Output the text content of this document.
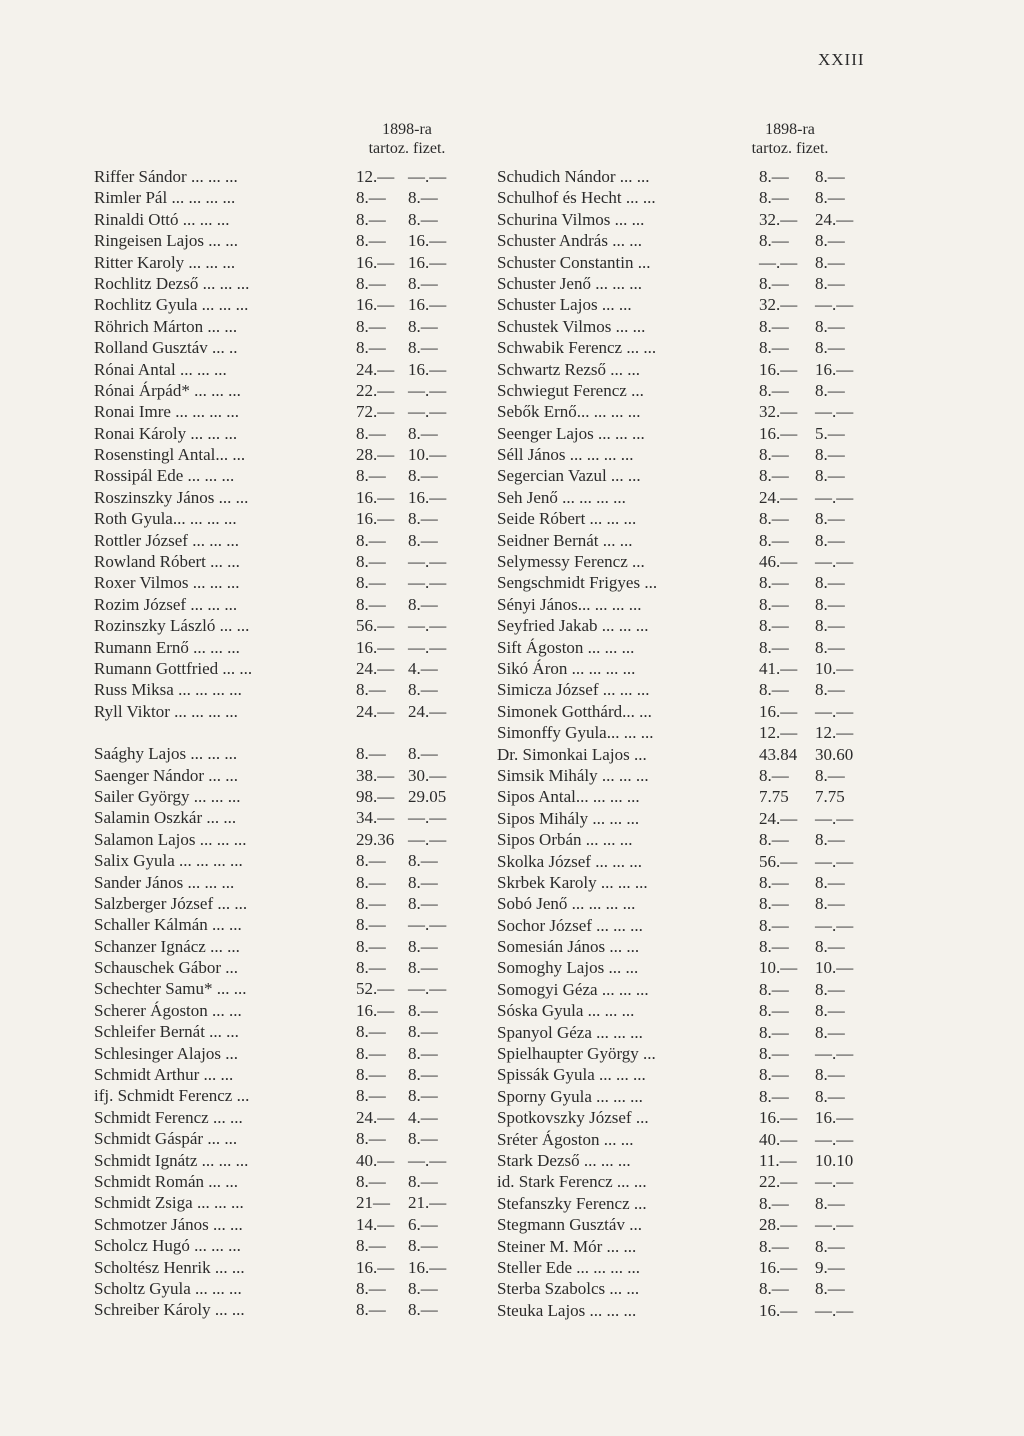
XXIII
1898-ra
tartoz. fizet.
Riffer Sándor ... ... ...	12.— —.—
Rimler Pál ... ... ... ...	8.— 8.—
Rinaldi Ottó ... ... ...	8.— 8.—
Ringeisen Lajos ... ...	8.— 16.—
Ritter Karoly ... ... ...	16.— 16.—
Rochlitz Dezső ... ... ...	8.— 8.—
Rochlitz Gyula ... ... ...	16.— 16.—
Röhrich Márton ... ...	8.— 8.—
Rolland Gusztáv ... ..	8.— 8.—
Rónai Antal ... ... ...	24.— 16.—
Rónai Árpád* ... ... ...	22.— —.—
Ronai Imre ... ... ... ...	72.— —.—
Ronai Károly ... ... ...	8.— 8.—
Rosenstingl Antal... ...	28.— 10.—
Rossipál Ede ... ... ...	8.— 8.—
Roszinszky János ... ...	16.— 16.—
Roth Gyula... ... ... ...	16.— 8.—
Rottler József ... ... ...	8.— 8.—
Rowland Róbert ... ...	8.— —.—
Roxer Vilmos ... ... ...	8.— —.—
Rozim József ... ... ...	8.— 8.—
Rozinszky László ... ...	56.— —.—
Rumann Ernő ... ... ...	16.— —.—
Rumann Gottfried ... ...	24.— 4.—
Russ Miksa ... ... ... ...	8.— 8.—
Ryll Viktor ... ... ... ...	24.— 24.—
Saághy Lajos ... ... ...	8.— 8.—
Saenger Nándor ... ...	38.— 30.—
Sailer György ... ... ...	98.— 29.05
Salamin Oszkár ... ...	34.— —.—
Salamon Lajos ... ... ...	29.36 —.—
Salix Gyula ... ... ... ...	8.— 8.—
Sander János ... ... ...	8.— 8.—
Salzberger József ... ...	8.— 8.—
Schaller Kálmán ... ...	8.— —.—
Schanzer Ignácz ... ...	8.— 8.—
Schauschek Gábor ...	8.— 8.—
Schechter Samu* ... ...	52.— —.—
Scherer Ágoston ... ...	16.— 8.—
Schleifer Bernát ... ...	8.— 8.—
Schlesinger Alajos ...	8.— 8.—
Schmidt Arthur ... ...	8.— 8.—
ifj. Schmidt Ferencz ...	8.— 8.—
Schmidt Ferencz ... ...	24.— 4.—
Schmidt Gáspár ... ...	8.— 8.—
Schmidt Ignátz ... ... ...	40.— —.—
Schmidt Román ... ...	8.— 8.—
Schmidt Zsiga ... ... ...	21— 21.—
Schmotzer János ... ...	14.— 6.—
Scholcz Hugó ... ... ...	8.— 8.—
Scholtész Henrik ... ...	16.— 16.—
Scholtz Gyula ... ... ...	8.— 8.—
Schreiber Károly ... ...	8.— 8.—
1898-ra
tartoz. fizet.
Schudich Nándor ... ...	8.— 8.—
Schulhof és Hecht ... ...	8.— 8.—
Schurina Vilmos ... ...	32.— 24.—
Schuster András ... ...	8.— 8.—
Schuster Constantin ...	—.— 8.—
Schuster Jenő ... ... ...	8.— 8.—
Schuster Lajos ... ...	32.— —.—
Schustek Vilmos ... ...	8.— 8.—
Schwabik Ferencz ... ...	8.— 8.—
Schwartz Rezső ... ...	16.— 16.—
Schwiegut Ferencz ...	8.— 8.—
Sebők Ernő... ... ... ...	32.— —.—
Seenger Lajos ... ... ...	16.— 5.—
Séll János ... ... ... ...	8.— 8.—
Segercian Vazul ... ...	8.— 8.—
Seh Jenő ... ... ... ...	24.— —.—
Seide Róbert ... ... ...	8.— 8.—
Seidner Bernát ... ...	8.— 8.—
Selymessy Ferencz ...	46.— —.—
Sengschmidt Frigyes ...	8.— 8.—
Sényi János... ... ... ...	8.— 8.—
Seyfried Jakab ... ... ...	8.— 8.—
Sift Ágoston ... ... ...	8.— 8.—
Sikó Áron ... ... ... ...	41.— 10.—
Simicza József ... ... ...	8.— 8.—
Simonek Gotthárd... ...	16.— —.—
Simonffy Gyula... ... ...	12.— 12.—
Dr. Simonkai Lajos ...	43.84 30.60
Simsik Mihály ... ... ...	8.— 8.—
Sipos Antal... ... ... ...	7.75 7.75
Sipos Mihály ... ... ...	24.— —.—
Sipos Orbán ... ... ...	8.— 8.—
Skolka József ... ... ...	56.— —.—
Skrbek Karoly ... ... ...	8.— 8.—
Sobó Jenő ... ... ... ...	8.— 8.—
Sochor József ... ... ...	8.— —.—
Somesián János ... ...	8.— 8.—
Somoghy Lajos ... ...	10.— 10.—
Somogyi Géza ... ... ...	8.— 8.—
Sóska Gyula ... ... ...	8.— 8.—
Spanyol Géza ... ... ...	8.— 8.—
Spielhaupter György ...	8.— —.—
Spissák Gyula ... ... ...	8.— 8.—
Sporny Gyula ... ... ...	8.— 8.—
Spotkovszky József ...	16.— 16.—
Sréter Ágoston ... ...	40.— —.—
Stark Dezső ... ... ...	11.— 10.10
id. Stark Ferencz ... ...	22.— —.—
Stefanszky Ferencz ...	8.— 8.—
Stegmann Gusztáv ...	28.— —.—
Steiner M. Mór ... ...	8.— 8.—
Steller Ede ... ... ... ...	16.— 9.—
Sterba Szabolcs ... ...	8.— 8.—
Steuka Lajos ... ... ...	16.— —.—
